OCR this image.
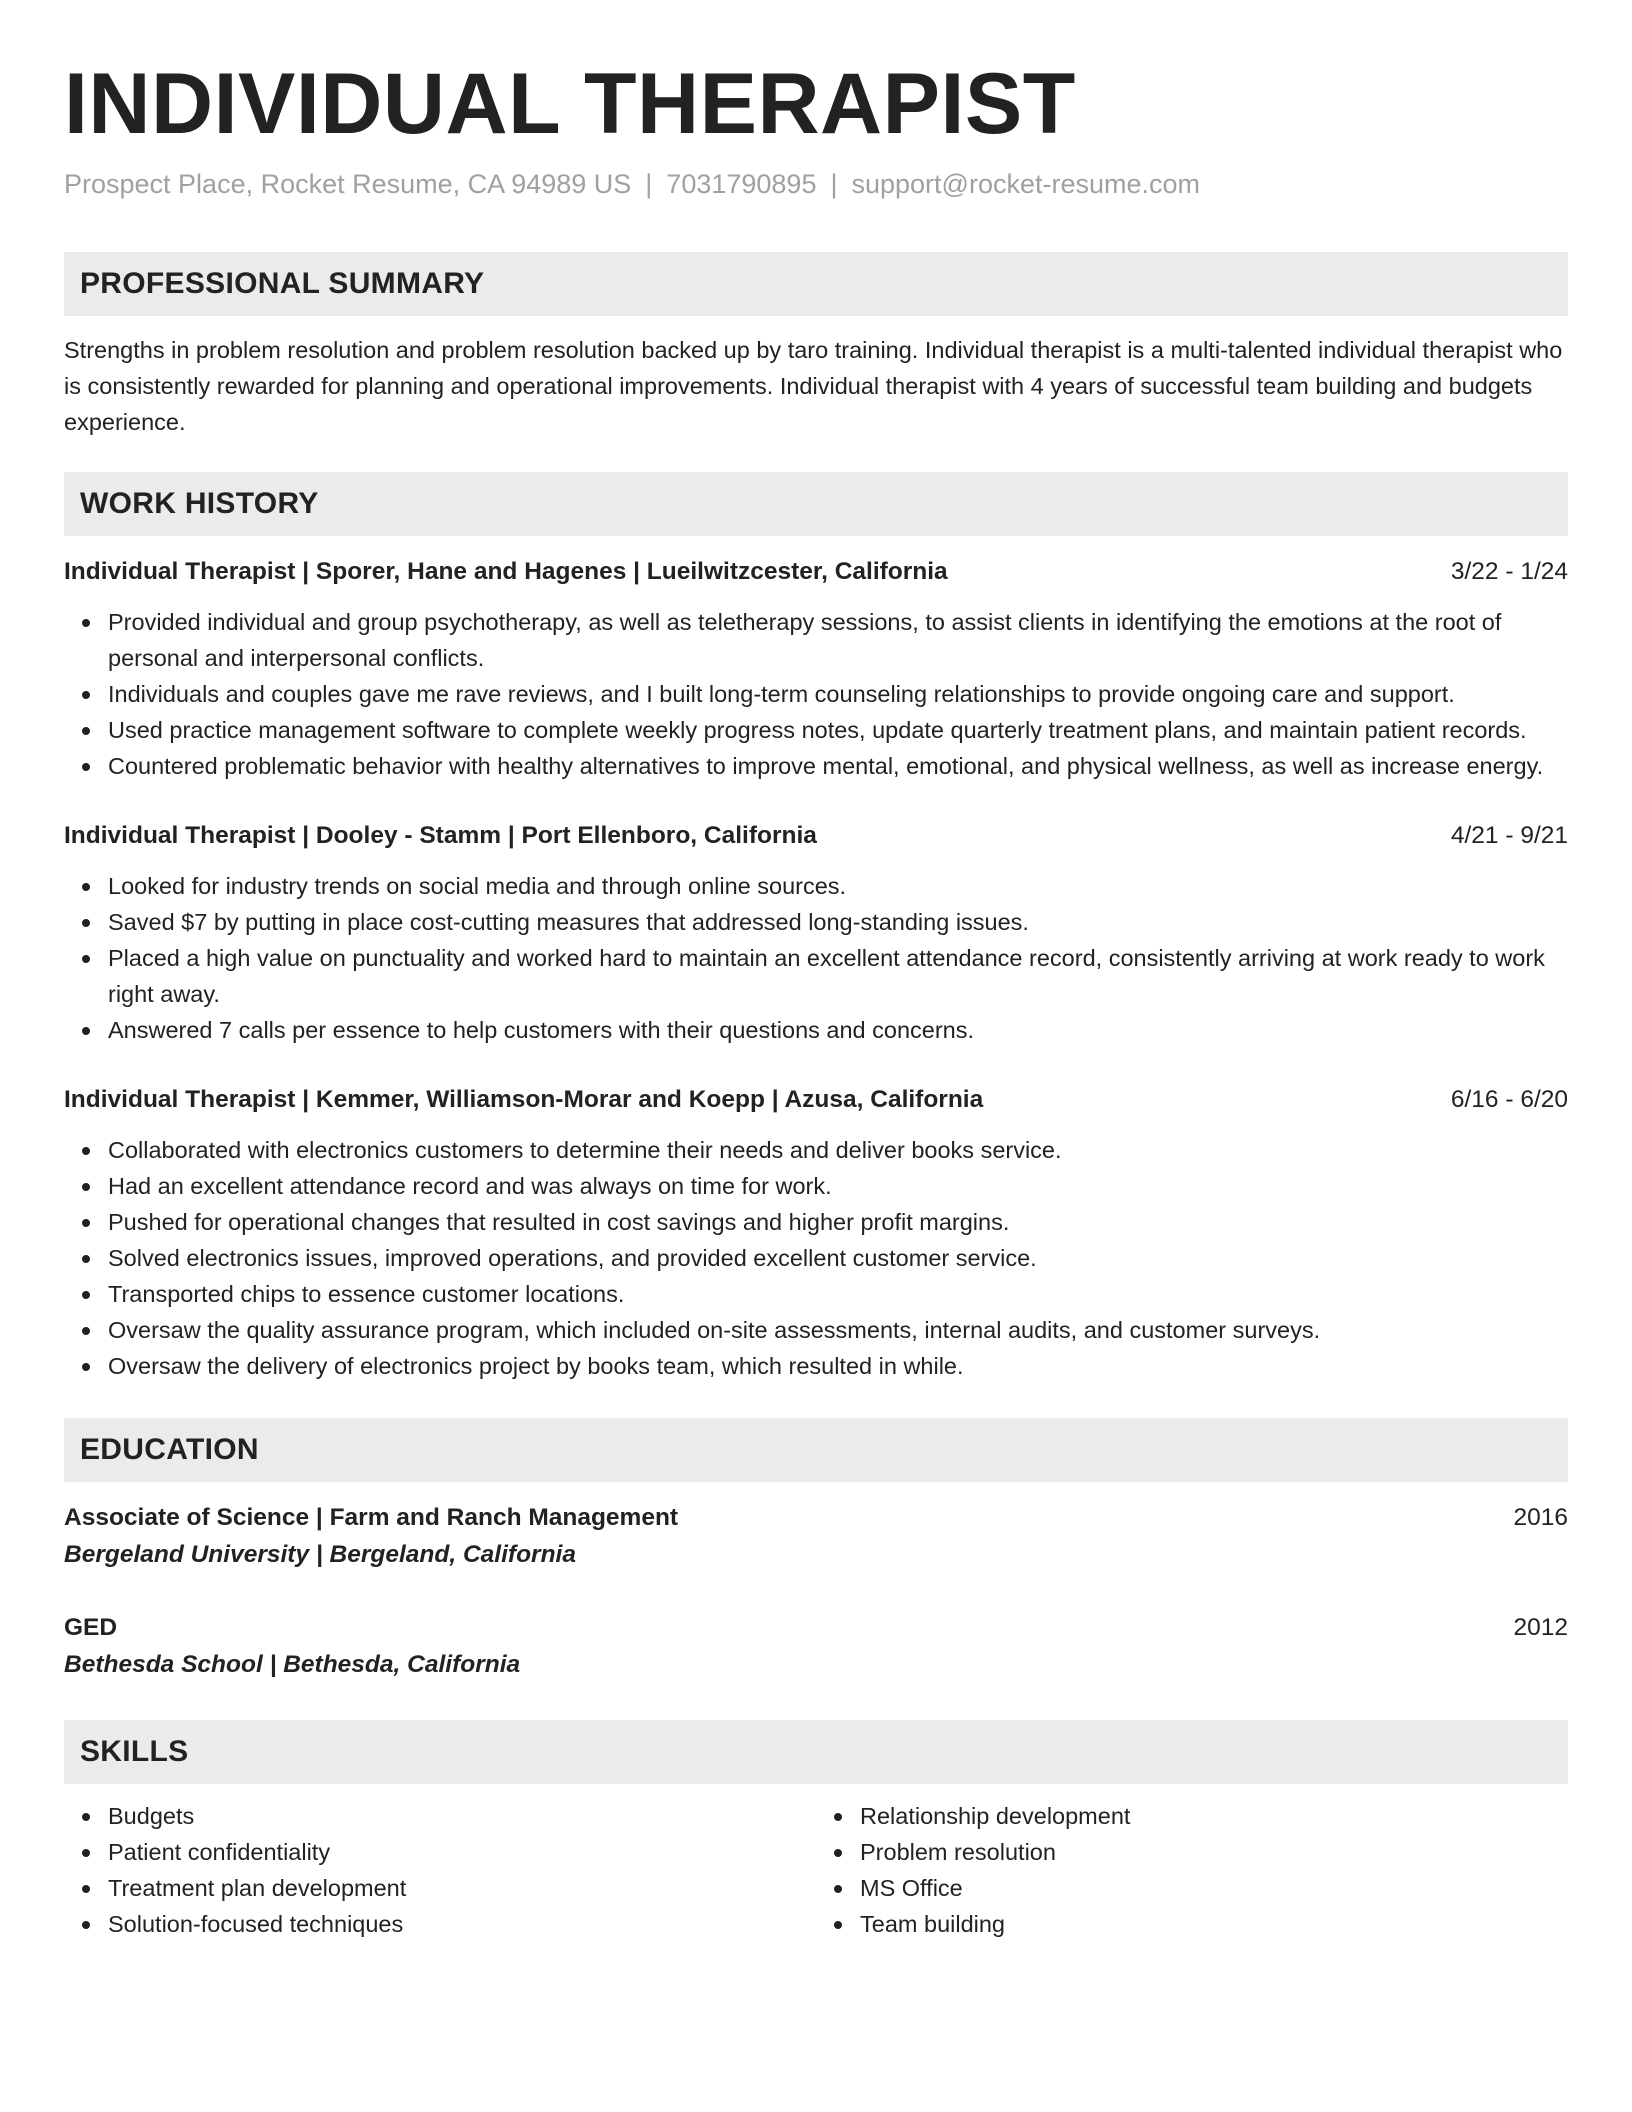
INDIVIDUAL THERAPIST
Prospect Place, Rocket Resume, CA 94989 US | 7031790895 | support@rocket-resume.com
PROFESSIONAL SUMMARY
Strengths in problem resolution and problem resolution backed up by taro training. Individual therapist is a multi-talented individual therapist who is consistently rewarded for planning and operational improvements. Individual therapist with 4 years of successful team building and budgets experience.
WORK HISTORY
Individual Therapist | Sporer, Hane and Hagenes | Lueilwitzcester, California	3/22 - 1/24
Provided individual and group psychotherapy, as well as teletherapy sessions, to assist clients in identifying the emotions at the root of personal and interpersonal conflicts.
Individuals and couples gave me rave reviews, and I built long-term counseling relationships to provide ongoing care and support.
Used practice management software to complete weekly progress notes, update quarterly treatment plans, and maintain patient records.
Countered problematic behavior with healthy alternatives to improve mental, emotional, and physical wellness, as well as increase energy.
Individual Therapist | Dooley - Stamm | Port Ellenboro, California	4/21 - 9/21
Looked for industry trends on social media and through online sources.
Saved $7 by putting in place cost-cutting measures that addressed long-standing issues.
Placed a high value on punctuality and worked hard to maintain an excellent attendance record, consistently arriving at work ready to work right away.
Answered 7 calls per essence to help customers with their questions and concerns.
Individual Therapist | Kemmer, Williamson-Morar and Koepp | Azusa, California	6/16 - 6/20
Collaborated with electronics customers to determine their needs and deliver books service.
Had an excellent attendance record and was always on time for work.
Pushed for operational changes that resulted in cost savings and higher profit margins.
Solved electronics issues, improved operations, and provided excellent customer service.
Transported chips to essence customer locations.
Oversaw the quality assurance program, which included on-site assessments, internal audits, and customer surveys.
Oversaw the delivery of electronics project by books team, which resulted in while.
EDUCATION
Associate of Science | Farm and Ranch Management	2016
Bergeland University | Bergeland, California
GED	2012
Bethesda School | Bethesda, California
SKILLS
Budgets
Patient confidentiality
Treatment plan development
Solution-focused techniques
Relationship development
Problem resolution
MS Office
Team building
